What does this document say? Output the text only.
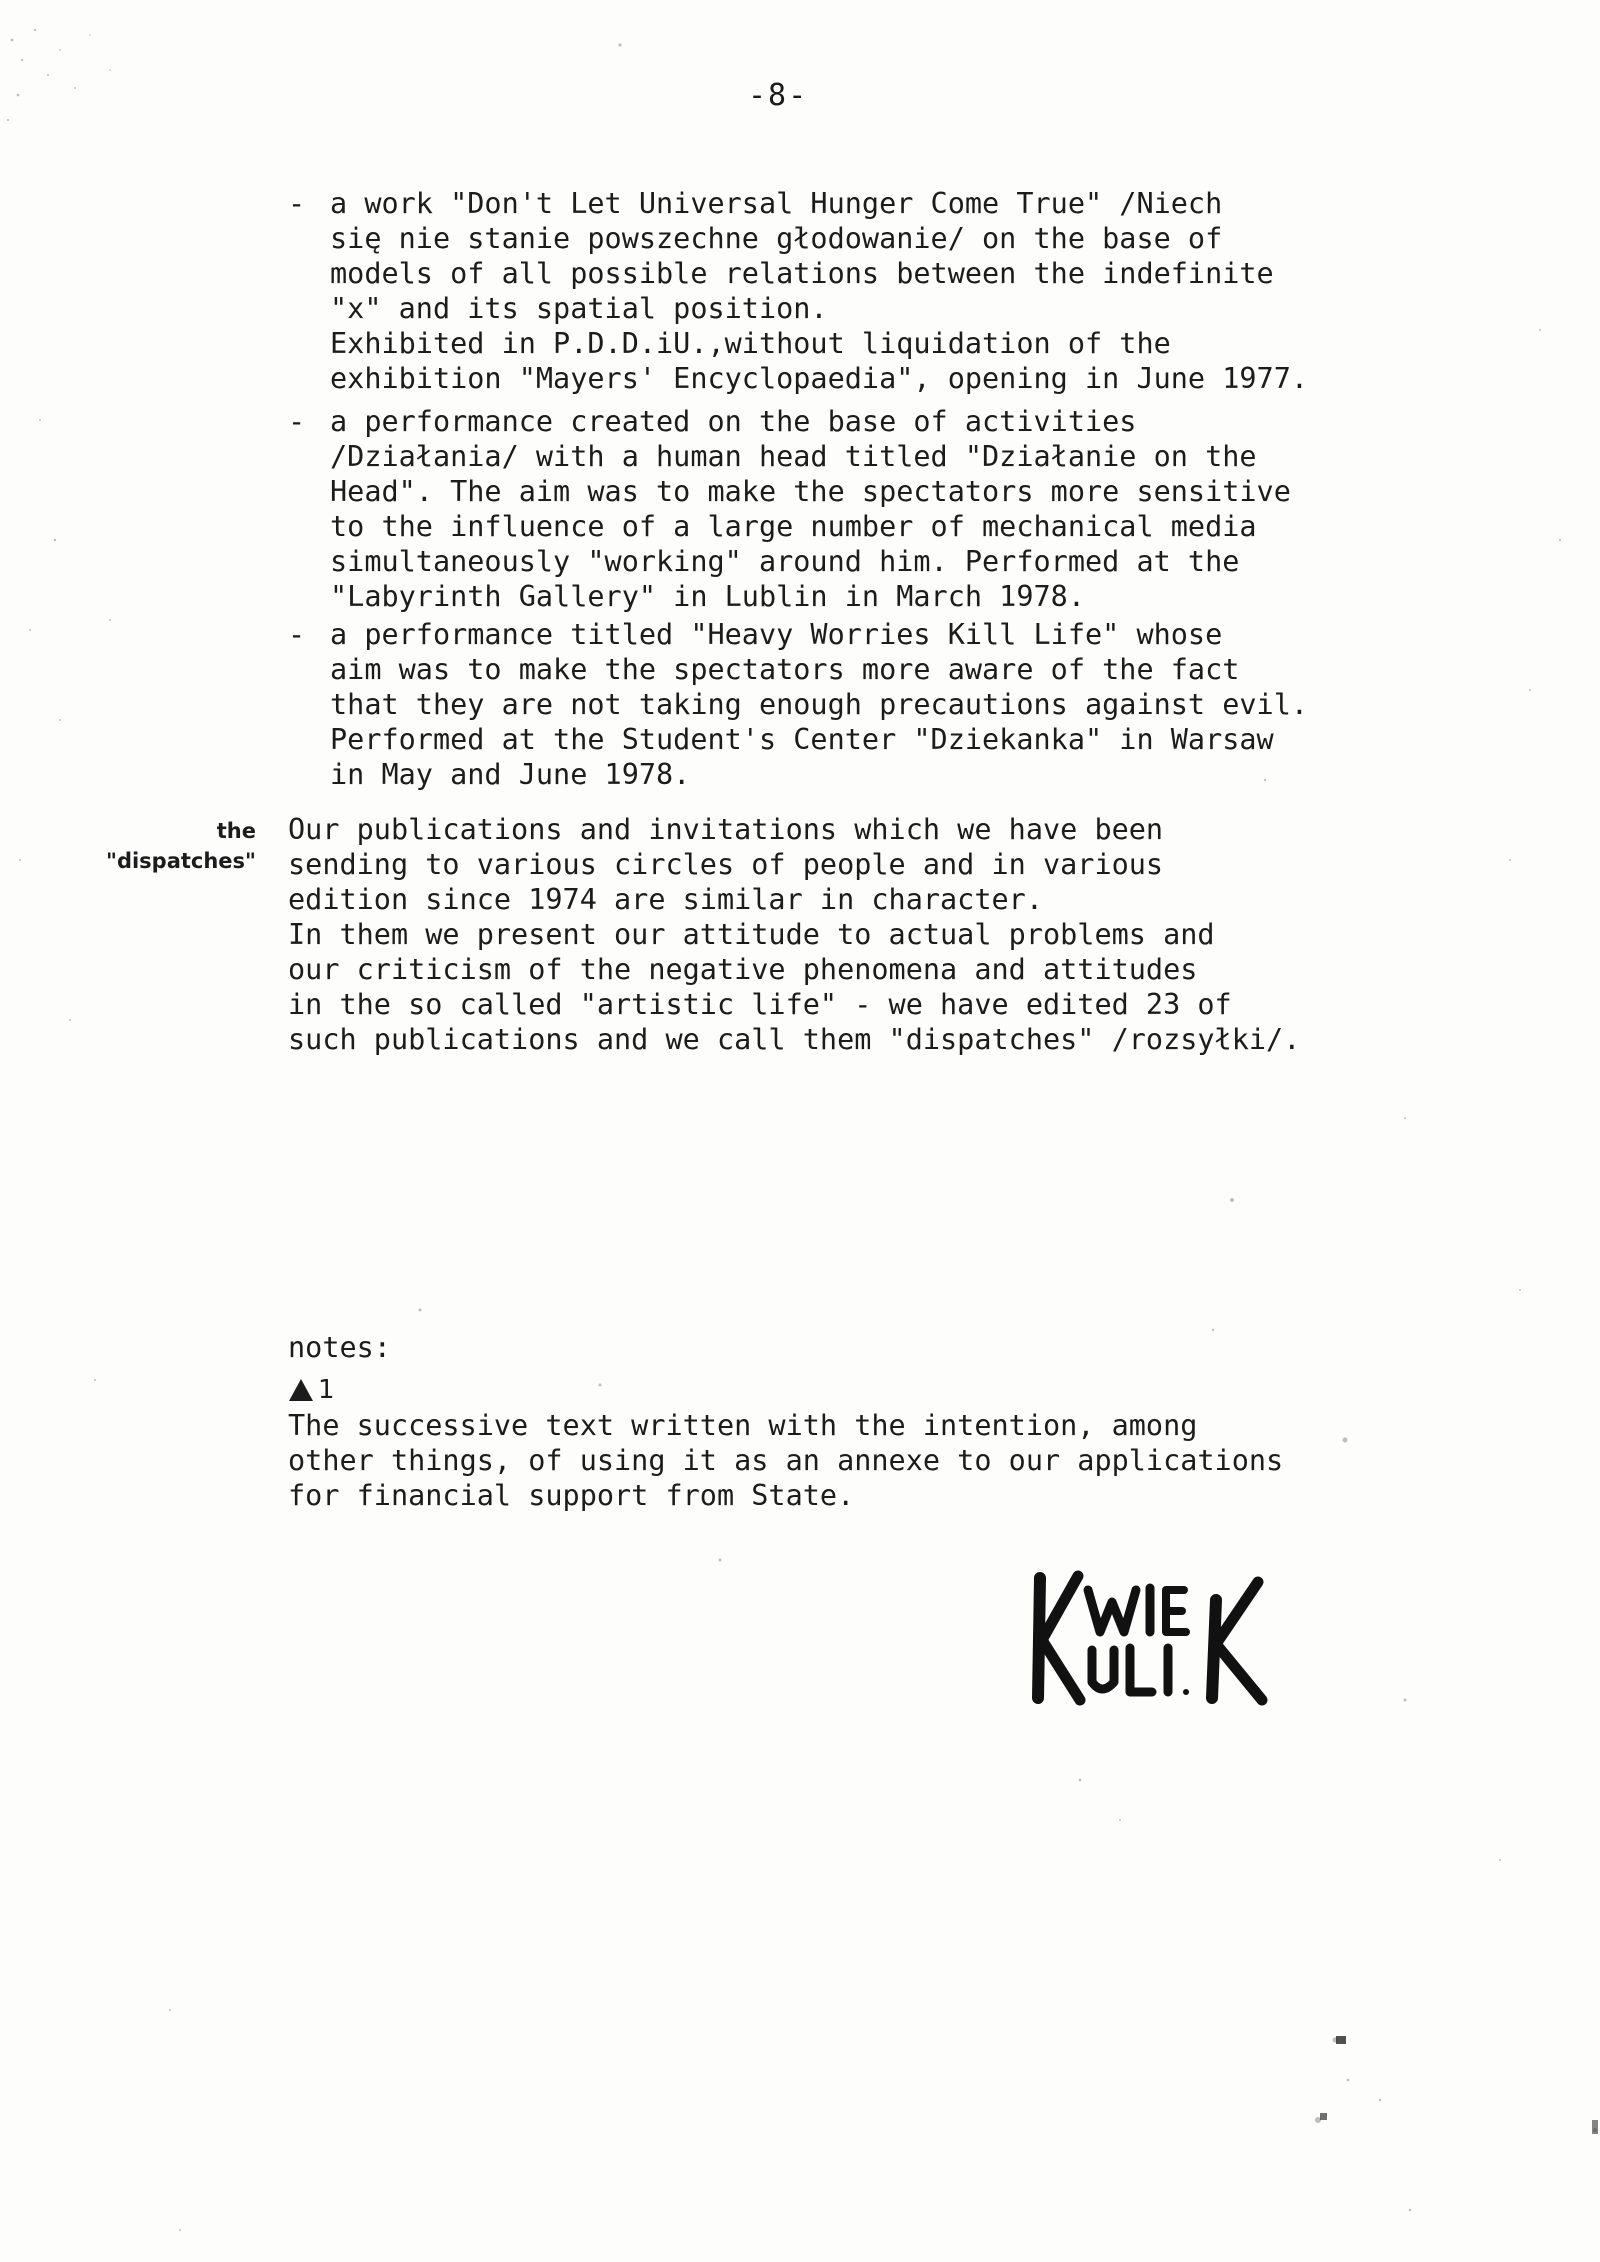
-8-
- a work "Don't Let Universal Hunger Come True" /Niech

się nie stanie powszechne głodowanie/ on the base of

models of all possible relations between the indefinite

"x" and its spatial position.

Exhibited in P.D.D.iU.,without liquidation of the

exhibition "Mayers' Encyclopaedia", opening in June 1977.

- a performance created on the base of activities

/Działania/ with a human head titled "Działanie on the

Head". The aim was to make the spectators more sensitive

to the influence of a large number of mechanical media

simultaneously "working" around him. Performed at the

"Labyrinth Gallery" in Lublin in March 1978.

- a performance titled "Heavy Worries Kill Life" whose

aim was to make the spectators more aware of the fact

that they are not taking enough precautions against evil.

Performed at the Student's Center "Dziekanka" in Warsaw

in May and June 1978.

the
"dispatches"

Our publications and invitations which we have been

sending to various circles of people and in various

edition since 1974 are similar in character.

In them we present our attitude to actual problems and

our criticism of the negative phenomena and attitudes

in the so called "artistic life" - we have edited 23 of

such publications and we call them "dispatches" /rozsyłki/.

notes:

1

The successive text written with the intention, among

other things, of using it as an annexe to our applications

for financial support from State.
